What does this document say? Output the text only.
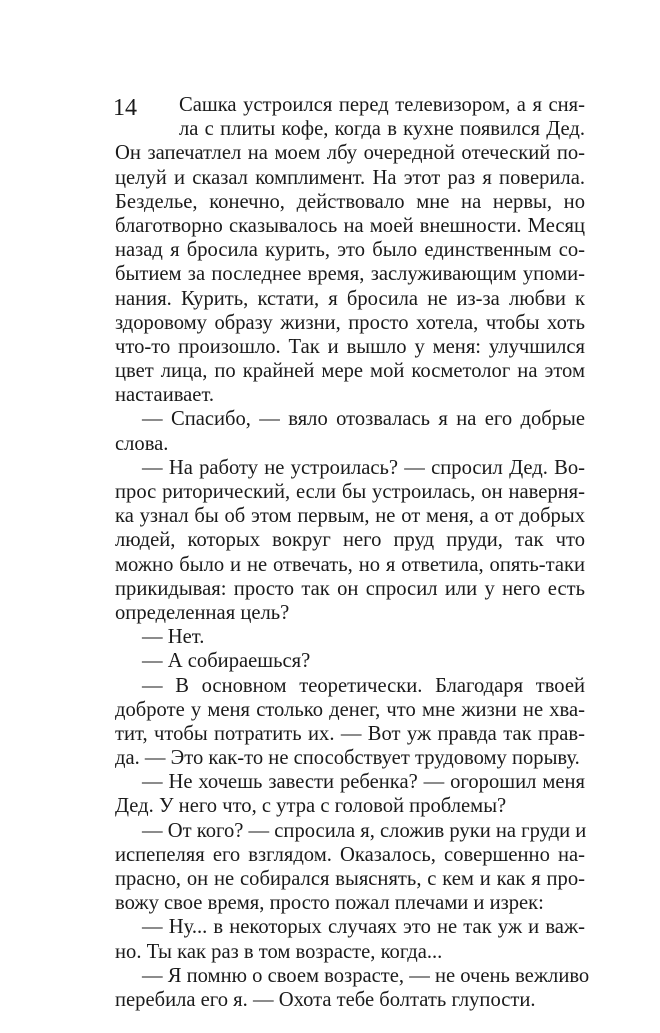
14 Сашка устроился перед телевизором, а я сня-
ла с плиты кофе, когда в кухне появился Дед.
Он запечатлел на моем лбу очередной отеческий по-
целуй и сказал комплимент. На этот раз я поверила.
Безделье, конечно, действовало мне на нервы, но
благотворно сказывалось на моей внешности. Месяц
назад я бросила курить, это было единственным со-
бытием за последнее время, заслуживающим упоми-
нания. Курить, кстати, я бросила не из-за любви к
здоровому образу жизни, просто хотела, чтобы хоть
что-то произошло. Так и вышло у меня: улучшился
цвет лица, по крайней мере мой косметолог на этом
настаивает.
— Спасибо, — вяло отозвалась я на его добрые
слова.
— На работу не устроилась? — спросил Дед. Во-
прос риторический, если бы устроилась, он наверня-
ка узнал бы об этом первым, не от меня, а от добрых
людей, которых вокруг него пруд пруди, так что
можно было и не отвечать, но я ответила, опять-таки
прикидывая: просто так он спросил или у него есть
определенная цель?
— Нет.
— А собираешься?
— В основном теоретически. Благодаря твоей
доброте у меня столько денег, что мне жизни не хва-
тит, чтобы потратить их. — Вот уж правда так прав-
да. — Это как-то не способствует трудовому порыву.
— Не хочешь завести ребенка? — огорошил меня
Дед. У него что, с утра с головой проблемы?
— От кого? — спросила я, сложив руки на груди и
испепеляя его взглядом. Оказалось, совершенно на-
прасно, он не собирался выяснять, с кем и как я про-
вожу свое время, просто пожал плечами и изрек:
— Ну... в некоторых случаях это не так уж и важ-
но. Ты как раз в том возрасте, когда...
— Я помню о своем возрасте, — не очень вежливо
перебила его я. — Охота тебе болтать глупости.
